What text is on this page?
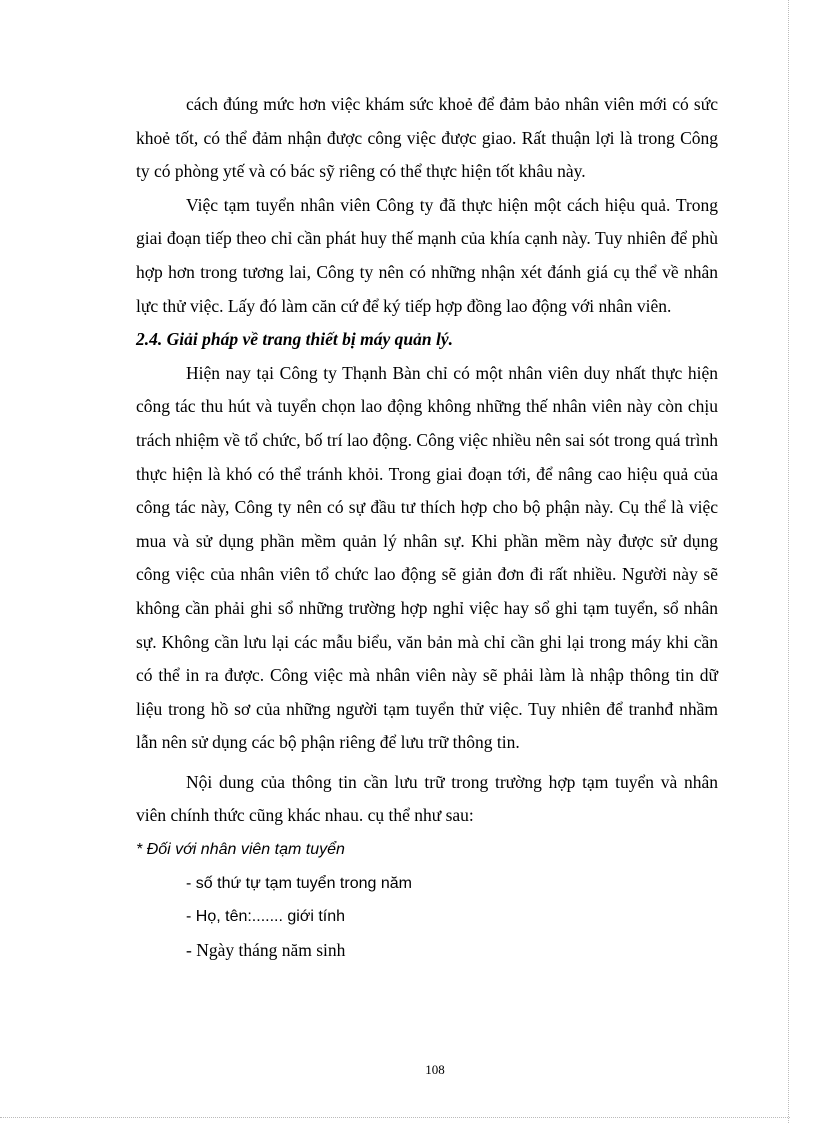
cách đúng mức hơn việc khám sức khoẻ để đảm bảo nhân viên mới có sức khoẻ tốt, có thể đảm nhận được công việc được giao. Rất thuận lợi là trong Công ty có phòng ytế và có bác sỹ riêng có thể thực hiện tốt khâu này.

Việc tạm tuyển nhân viên Công ty đã thực hiện một cách hiệu quả. Trong giai đoạn tiếp theo chỉ cần phát huy thế mạnh của khía cạnh này. Tuy nhiên để phù hợp hơn trong tương lai, Công ty nên có những nhận xét đánh giá cụ thể về nhân lực thử việc. Lấy đó làm căn cứ để ký tiếp hợp đồng lao động với nhân viên.

2.4. Giải pháp về trang thiết bị máy quản lý.

Hiện nay tại Công ty Thạnh Bàn chỉ có một nhân viên duy nhất thực hiện công tác thu hút và tuyển chọn lao động không những thế nhân viên này còn chịu trách nhiệm về tổ chức, bố trí lao động. Công việc nhiều nên sai sót trong quá trình thực hiện là khó có thể tránh khỏi. Trong giai đoạn tới, để nâng cao hiệu quả của công tác này, Công ty nên có sự đầu tư thích hợp cho bộ phận này. Cụ thể là việc mua và sử dụng phần mềm quản lý nhân sự. Khi phần mềm này được sử dụng công việc của nhân viên tổ chức lao động sẽ giản đơn đi rất nhiều. Người này sẽ không cần phải ghi sổ những trường hợp nghỉ việc hay sổ ghi tạm tuyển, sổ nhân sự. Không cần lưu lại các mẫu biểu, văn bản mà chỉ cần ghi lại trong máy khi cần có thể in ra được. Công việc mà nhân viên này sẽ phải làm là nhập thông tin dữ liệu trong hồ sơ của những người tạm tuyển thử việc. Tuy nhiên để tranhđ nhầm lẫn nên sử dụng các bộ phận riêng để lưu trữ thông tin.

Nội dung của thông tin cần lưu trữ trong trường hợp tạm tuyển và nhân viên chính thức cũng khác nhau. cụ thể như sau:

* Đối với nhân viên tạm tuyển

- số thứ tự tạm tuyển trong năm

- Họ, tên:....... giới tính

- Ngày tháng năm sinh

108
